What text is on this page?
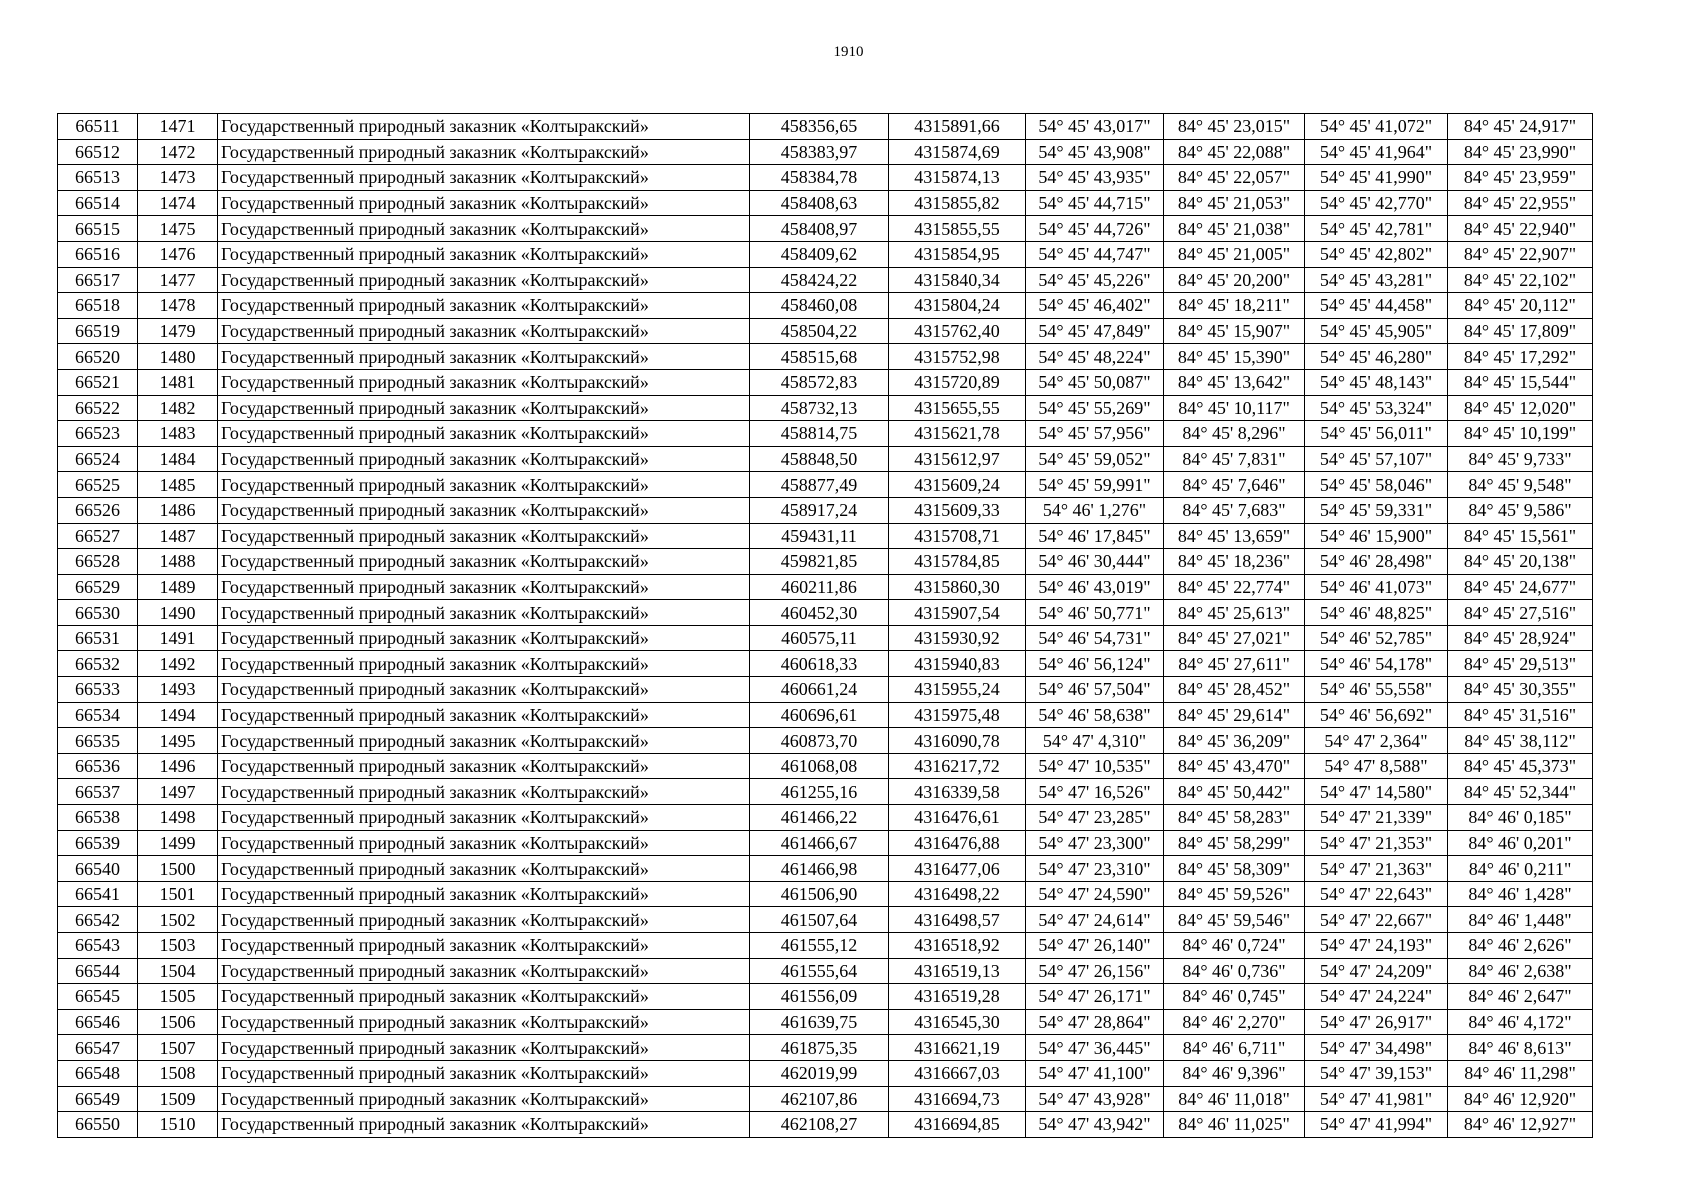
1910
66511	1471	Государственный природный заказник «Колтыракский»	458356,65	4315891,66	54° 45' 43,017"	84° 45' 23,015"	54° 45' 41,072"	84° 45' 24,917"
66512	1472	Государственный природный заказник «Колтыракский»	458383,97	4315874,69	54° 45' 43,908"	84° 45' 22,088"	54° 45' 41,964"	84° 45' 23,990"
66513	1473	Государственный природный заказник «Колтыракский»	458384,78	4315874,13	54° 45' 43,935"	84° 45' 22,057"	54° 45' 41,990"	84° 45' 23,959"
66514	1474	Государственный природный заказник «Колтыракский»	458408,63	4315855,82	54° 45' 44,715"	84° 45' 21,053"	54° 45' 42,770"	84° 45' 22,955"
66515	1475	Государственный природный заказник «Колтыракский»	458408,97	4315855,55	54° 45' 44,726"	84° 45' 21,038"	54° 45' 42,781"	84° 45' 22,940"
66516	1476	Государственный природный заказник «Колтыракский»	458409,62	4315854,95	54° 45' 44,747"	84° 45' 21,005"	54° 45' 42,802"	84° 45' 22,907"
66517	1477	Государственный природный заказник «Колтыракский»	458424,22	4315840,34	54° 45' 45,226"	84° 45' 20,200"	54° 45' 43,281"	84° 45' 22,102"
66518	1478	Государственный природный заказник «Колтыракский»	458460,08	4315804,24	54° 45' 46,402"	84° 45' 18,211"	54° 45' 44,458"	84° 45' 20,112"
66519	1479	Государственный природный заказник «Колтыракский»	458504,22	4315762,40	54° 45' 47,849"	84° 45' 15,907"	54° 45' 45,905"	84° 45' 17,809"
66520	1480	Государственный природный заказник «Колтыракский»	458515,68	4315752,98	54° 45' 48,224"	84° 45' 15,390"	54° 45' 46,280"	84° 45' 17,292"
66521	1481	Государственный природный заказник «Колтыракский»	458572,83	4315720,89	54° 45' 50,087"	84° 45' 13,642"	54° 45' 48,143"	84° 45' 15,544"
66522	1482	Государственный природный заказник «Колтыракский»	458732,13	4315655,55	54° 45' 55,269"	84° 45' 10,117"	54° 45' 53,324"	84° 45' 12,020"
66523	1483	Государственный природный заказник «Колтыракский»	458814,75	4315621,78	54° 45' 57,956"	84° 45' 8,296"	54° 45' 56,011"	84° 45' 10,199"
66524	1484	Государственный природный заказник «Колтыракский»	458848,50	4315612,97	54° 45' 59,052"	84° 45' 7,831"	54° 45' 57,107"	84° 45' 9,733"
66525	1485	Государственный природный заказник «Колтыракский»	458877,49	4315609,24	54° 45' 59,991"	84° 45' 7,646"	54° 45' 58,046"	84° 45' 9,548"
66526	1486	Государственный природный заказник «Колтыракский»	458917,24	4315609,33	54° 46' 1,276"	84° 45' 7,683"	54° 45' 59,331"	84° 45' 9,586"
66527	1487	Государственный природный заказник «Колтыракский»	459431,11	4315708,71	54° 46' 17,845"	84° 45' 13,659"	54° 46' 15,900"	84° 45' 15,561"
66528	1488	Государственный природный заказник «Колтыракский»	459821,85	4315784,85	54° 46' 30,444"	84° 45' 18,236"	54° 46' 28,498"	84° 45' 20,138"
66529	1489	Государственный природный заказник «Колтыракский»	460211,86	4315860,30	54° 46' 43,019"	84° 45' 22,774"	54° 46' 41,073"	84° 45' 24,677"
66530	1490	Государственный природный заказник «Колтыракский»	460452,30	4315907,54	54° 46' 50,771"	84° 45' 25,613"	54° 46' 48,825"	84° 45' 27,516"
66531	1491	Государственный природный заказник «Колтыракский»	460575,11	4315930,92	54° 46' 54,731"	84° 45' 27,021"	54° 46' 52,785"	84° 45' 28,924"
66532	1492	Государственный природный заказник «Колтыракский»	460618,33	4315940,83	54° 46' 56,124"	84° 45' 27,611"	54° 46' 54,178"	84° 45' 29,513"
66533	1493	Государственный природный заказник «Колтыракский»	460661,24	4315955,24	54° 46' 57,504"	84° 45' 28,452"	54° 46' 55,558"	84° 45' 30,355"
66534	1494	Государственный природный заказник «Колтыракский»	460696,61	4315975,48	54° 46' 58,638"	84° 45' 29,614"	54° 46' 56,692"	84° 45' 31,516"
66535	1495	Государственный природный заказник «Колтыракский»	460873,70	4316090,78	54° 47' 4,310"	84° 45' 36,209"	54° 47' 2,364"	84° 45' 38,112"
66536	1496	Государственный природный заказник «Колтыракский»	461068,08	4316217,72	54° 47' 10,535"	84° 45' 43,470"	54° 47' 8,588"	84° 45' 45,373"
66537	1497	Государственный природный заказник «Колтыракский»	461255,16	4316339,58	54° 47' 16,526"	84° 45' 50,442"	54° 47' 14,580"	84° 45' 52,344"
66538	1498	Государственный природный заказник «Колтыракский»	461466,22	4316476,61	54° 47' 23,285"	84° 45' 58,283"	54° 47' 21,339"	84° 46' 0,185"
66539	1499	Государственный природный заказник «Колтыракский»	461466,67	4316476,88	54° 47' 23,300"	84° 45' 58,299"	54° 47' 21,353"	84° 46' 0,201"
66540	1500	Государственный природный заказник «Колтыракский»	461466,98	4316477,06	54° 47' 23,310"	84° 45' 58,309"	54° 47' 21,363"	84° 46' 0,211"
66541	1501	Государственный природный заказник «Колтыракский»	461506,90	4316498,22	54° 47' 24,590"	84° 45' 59,526"	54° 47' 22,643"	84° 46' 1,428"
66542	1502	Государственный природный заказник «Колтыракский»	461507,64	4316498,57	54° 47' 24,614"	84° 45' 59,546"	54° 47' 22,667"	84° 46' 1,448"
66543	1503	Государственный природный заказник «Колтыракский»	461555,12	4316518,92	54° 47' 26,140"	84° 46' 0,724"	54° 47' 24,193"	84° 46' 2,626"
66544	1504	Государственный природный заказник «Колтыракский»	461555,64	4316519,13	54° 47' 26,156"	84° 46' 0,736"	54° 47' 24,209"	84° 46' 2,638"
66545	1505	Государственный природный заказник «Колтыракский»	461556,09	4316519,28	54° 47' 26,171"	84° 46' 0,745"	54° 47' 24,224"	84° 46' 2,647"
66546	1506	Государственный природный заказник «Колтыракский»	461639,75	4316545,30	54° 47' 28,864"	84° 46' 2,270"	54° 47' 26,917"	84° 46' 4,172"
66547	1507	Государственный природный заказник «Колтыракский»	461875,35	4316621,19	54° 47' 36,445"	84° 46' 6,711"	54° 47' 34,498"	84° 46' 8,613"
66548	1508	Государственный природный заказник «Колтыракский»	462019,99	4316667,03	54° 47' 41,100"	84° 46' 9,396"	54° 47' 39,153"	84° 46' 11,298"
66549	1509	Государственный природный заказник «Колтыракский»	462107,86	4316694,73	54° 47' 43,928"	84° 46' 11,018"	54° 47' 41,981"	84° 46' 12,920"
66550	1510	Государственный природный заказник «Колтыракский»	462108,27	4316694,85	54° 47' 43,942"	84° 46' 11,025"	54° 47' 41,994"	84° 46' 12,927"
